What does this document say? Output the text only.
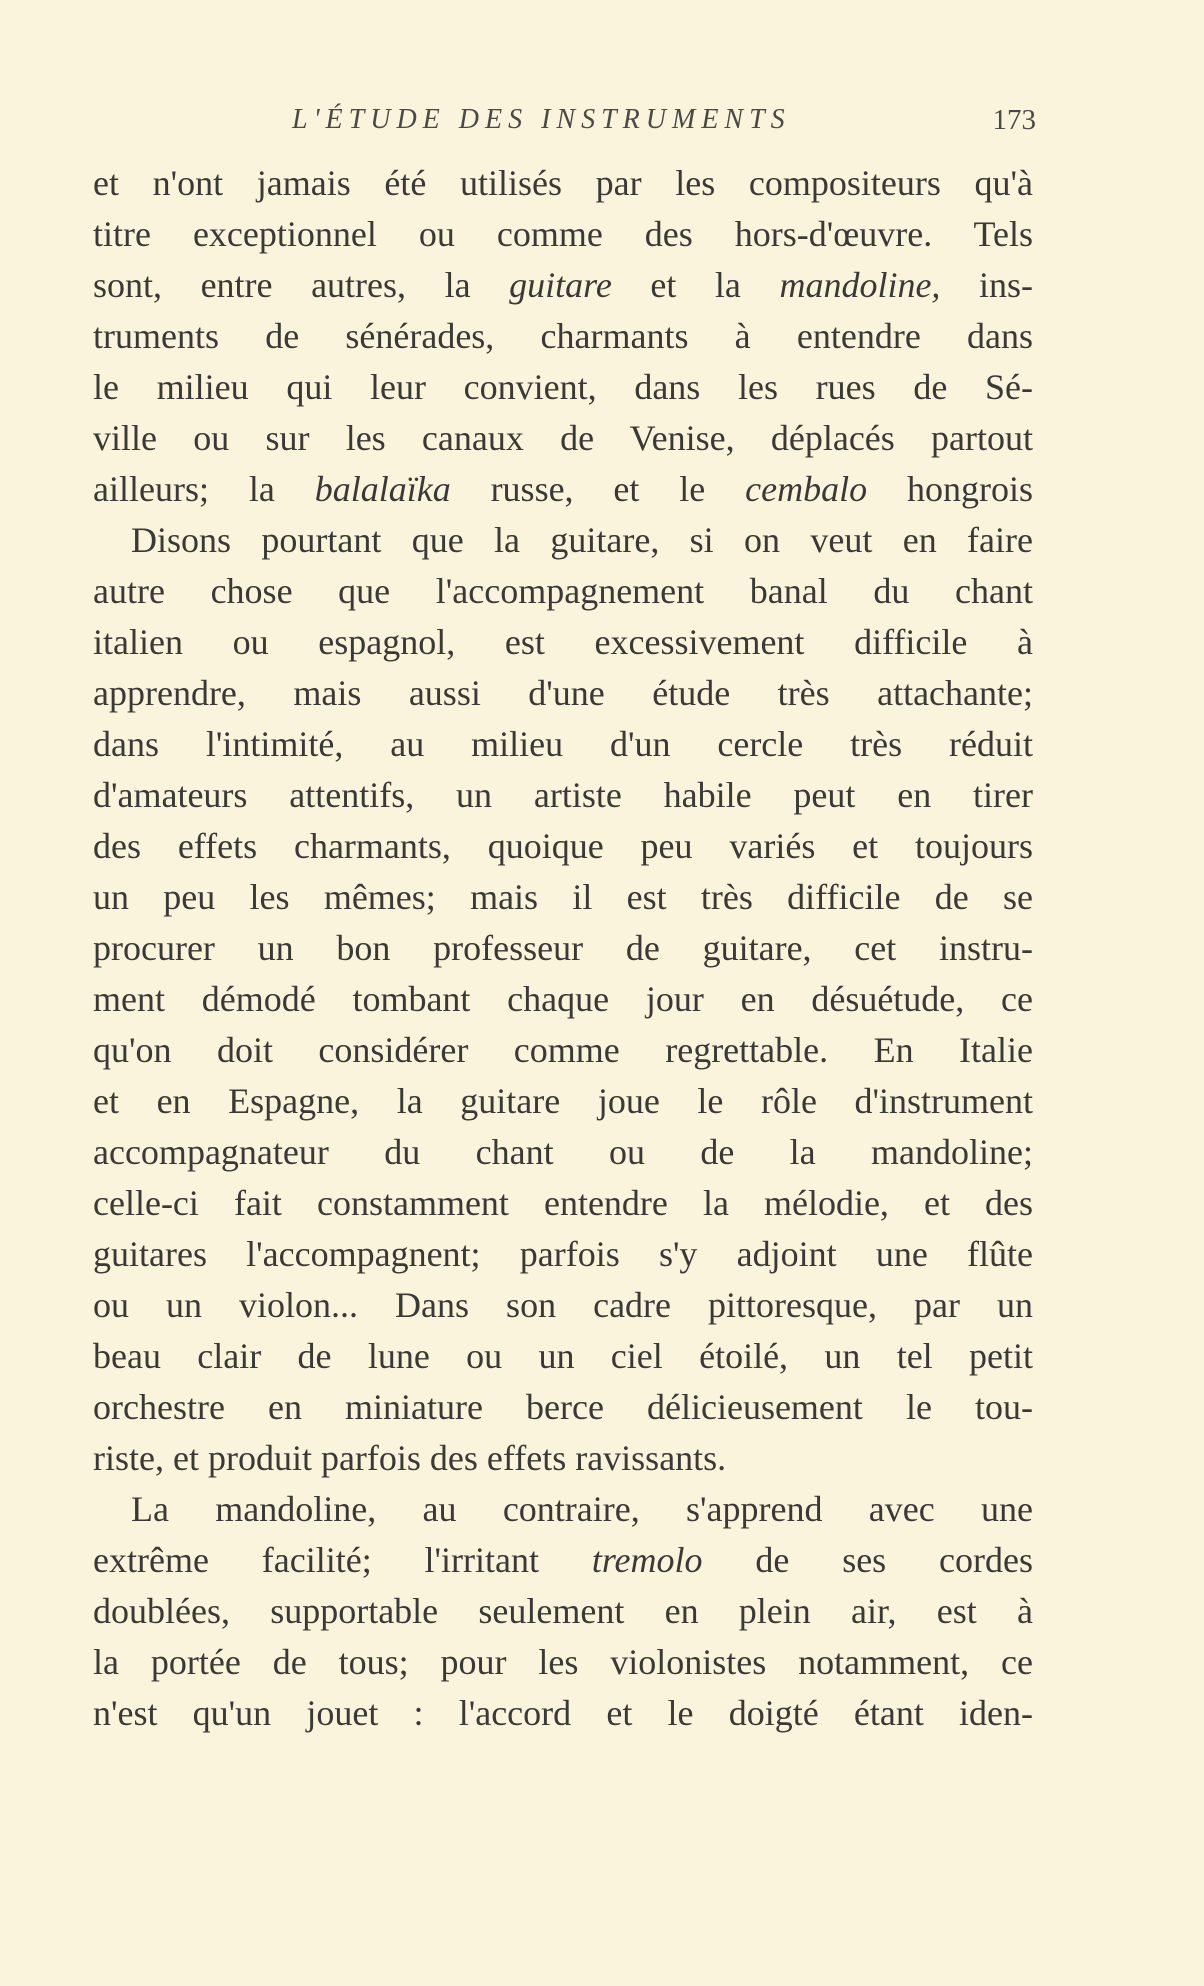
L'ÉTUDE DES INSTRUMENTS	173
et n'ont jamais été utilisés par les compositeurs qu'à
titre exceptionnel ou comme des hors-d'œuvre. Tels
sont, entre autres, la guitare et la mandoline, ins-
truments de sénérades, charmants à entendre dans
le milieu qui leur convient, dans les rues de Sé-
ville ou sur les canaux de Venise, déplacés partout
ailleurs; la balalaïka russe, et le cembalo hongrois
Disons pourtant que la guitare, si on veut en faire
autre chose que l'accompagnement banal du chant
italien ou espagnol, est excessivement difficile à
apprendre, mais aussi d'une étude très attachante;
dans l'intimité, au milieu d'un cercle très réduit
d'amateurs attentifs, un artiste habile peut en tirer
des effets charmants, quoique peu variés et toujours
un peu les mêmes; mais il est très difficile de se
procurer un bon professeur de guitare, cet instru-
ment démodé tombant chaque jour en désuétude, ce
qu'on doit considérer comme regrettable. En Italie
et en Espagne, la guitare joue le rôle d'instrument
accompagnateur du chant ou de la mandoline;
celle-ci fait constamment entendre la mélodie, et des
guitares l'accompagnent; parfois s'y adjoint une flûte
ou un violon... Dans son cadre pittoresque, par un
beau clair de lune ou un ciel étoilé, un tel petit
orchestre en miniature berce délicieusement le tou-
riste, et produit parfois des effets ravissants.
La mandoline, au contraire, s'apprend avec une
extrême facilité; l'irritant tremolo de ses cordes
doublées, supportable seulement en plein air, est à
la portée de tous; pour les violonistes notamment, ce
n'est qu'un jouet : l'accord et le doigté étant iden-
